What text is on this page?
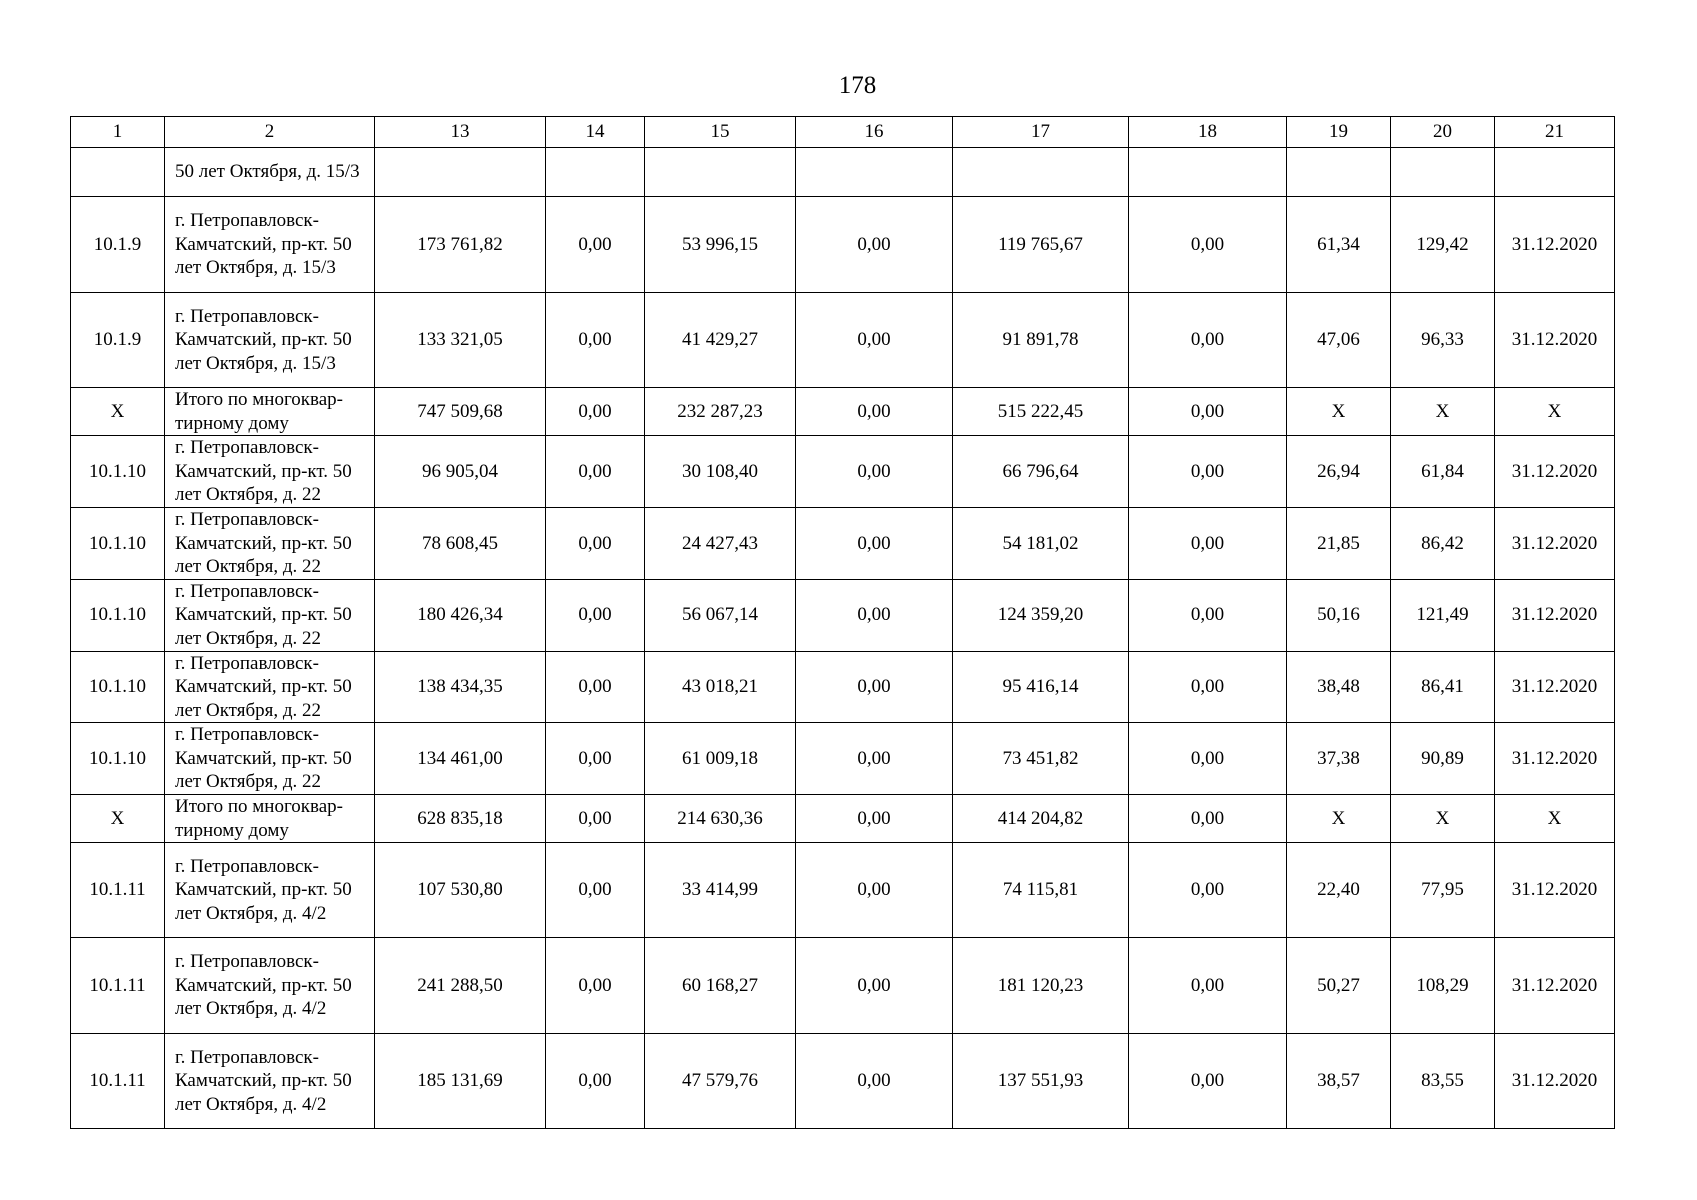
178
1	2	13	14	15	16	17	18	19	20	21
	50 лет Октября, д. 15/3									
10.1.9	г. Петропавловск-Камчатский, пр-кт. 50 лет Октября, д. 15/3	173 761,82	0,00	53 996,15	0,00	119 765,67	0,00	61,34	129,42	31.12.2020
10.1.9	г. Петропавловск-Камчатский, пр-кт. 50 лет Октября, д. 15/3	133 321,05	0,00	41 429,27	0,00	91 891,78	0,00	47,06	96,33	31.12.2020
X	Итого по многоквар-тирному дому	747 509,68	0,00	232 287,23	0,00	515 222,45	0,00	X	X	X
10.1.10	г. Петропавловск-Камчатский, пр-кт. 50 лет Октября, д. 22	96 905,04	0,00	30 108,40	0,00	66 796,64	0,00	26,94	61,84	31.12.2020
10.1.10	г. Петропавловск-Камчатский, пр-кт. 50 лет Октября, д. 22	78 608,45	0,00	24 427,43	0,00	54 181,02	0,00	21,85	86,42	31.12.2020
10.1.10	г. Петропавловск-Камчатский, пр-кт. 50 лет Октября, д. 22	180 426,34	0,00	56 067,14	0,00	124 359,20	0,00	50,16	121,49	31.12.2020
10.1.10	г. Петропавловск-Камчатский, пр-кт. 50 лет Октября, д. 22	138 434,35	0,00	43 018,21	0,00	95 416,14	0,00	38,48	86,41	31.12.2020
10.1.10	г. Петропавловск-Камчатский, пр-кт. 50 лет Октября, д. 22	134 461,00	0,00	61 009,18	0,00	73 451,82	0,00	37,38	90,89	31.12.2020
X	Итого по многоквар-тирному дому	628 835,18	0,00	214 630,36	0,00	414 204,82	0,00	X	X	X
10.1.11	г. Петропавловск-Камчатский, пр-кт. 50 лет Октября, д. 4/2	107 530,80	0,00	33 414,99	0,00	74 115,81	0,00	22,40	77,95	31.12.2020
10.1.11	г. Петропавловск-Камчатский, пр-кт. 50 лет Октября, д. 4/2	241 288,50	0,00	60 168,27	0,00	181 120,23	0,00	50,27	108,29	31.12.2020
10.1.11	г. Петропавловск-Камчатский, пр-кт. 50 лет Октября, д. 4/2	185 131,69	0,00	47 579,76	0,00	137 551,93	0,00	38,57	83,55	31.12.2020
